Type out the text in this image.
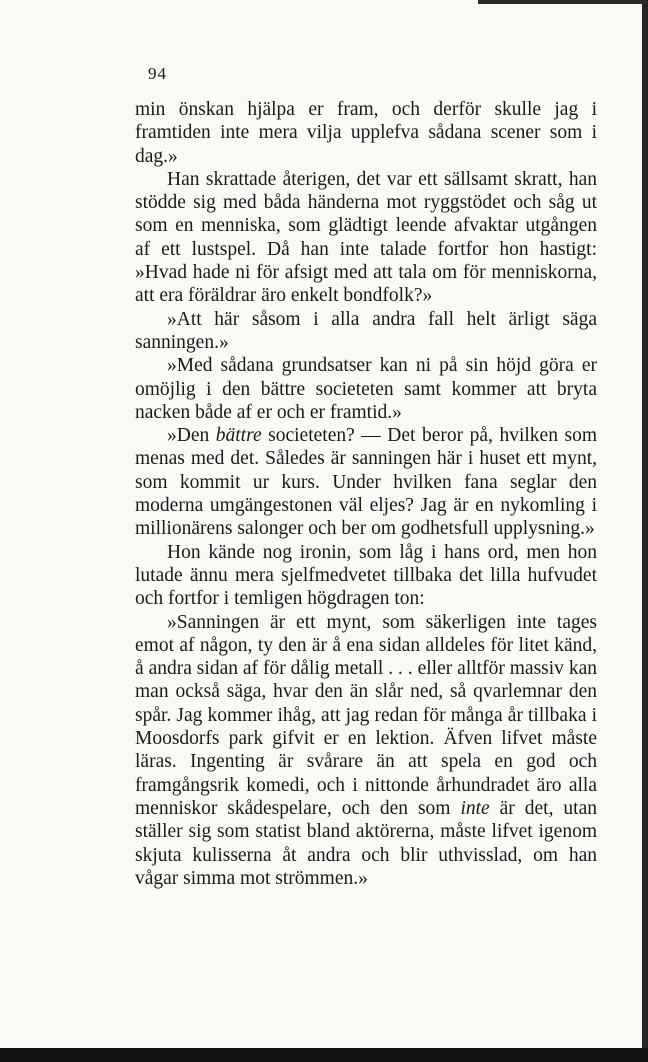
94

min önskan hjälpa er fram, och derför skulle jag i framtiden inte mera vilja upplefva sådana scener som i dag.»

Han skrattade återigen, det var ett sällsamt skratt, han stödde sig med båda händerna mot ryggstödet och såg ut som en menniska, som glädtigt leende afvaktar utgången af ett lustspel. Då han inte talade fortfor hon hastigt: »Hvad hade ni för afsigt med att tala om för menniskorna, att era föräldrar äro enkelt bondfolk?»

»Att här såsom i alla andra fall helt ärligt säga sanningen.»

»Med sådana grundsatser kan ni på sin höjd göra er omöjlig i den bättre societeten samt kommer att bryta nacken både af er och er framtid.»

»Den bättre societeten? — Det beror på, hvilken som menas med det. Således är sanningen här i huset ett mynt, som kommit ur kurs. Under hvilken fana seglar den moderna umgängestonen väl eljes? Jag är en nykomling i millionärens salonger och ber om godhetsfull upplysning.»

Hon kände nog ironin, som låg i hans ord, men hon lutade ännu mera sjelfmedvetet tillbaka det lilla hufvudet och fortfor i temligen högdragen ton:

»Sanningen är ett mynt, som säkerligen inte tages emot af någon, ty den är å ena sidan alldeles för litet känd, å andra sidan af för dålig metall . . . eller alltför massiv kan man också säga, hvar den än slår ned, så qvarlemnar den spår. Jag kommer ihåg, att jag redan för många år tillbaka i Moosdorfs park gifvit er en lektion. Äfven lifvet måste läras. Ingenting är svårare än att spela en god och framgångsrik komedi, och i nittonde århundradet äro alla menniskor skådespelare, och den som inte är det, utan ställer sig som statist bland aktörerna, måste lifvet igenom skjuta kulisserna åt andra och blir uthvisslad, om han vågar simma mot strömmen.»
